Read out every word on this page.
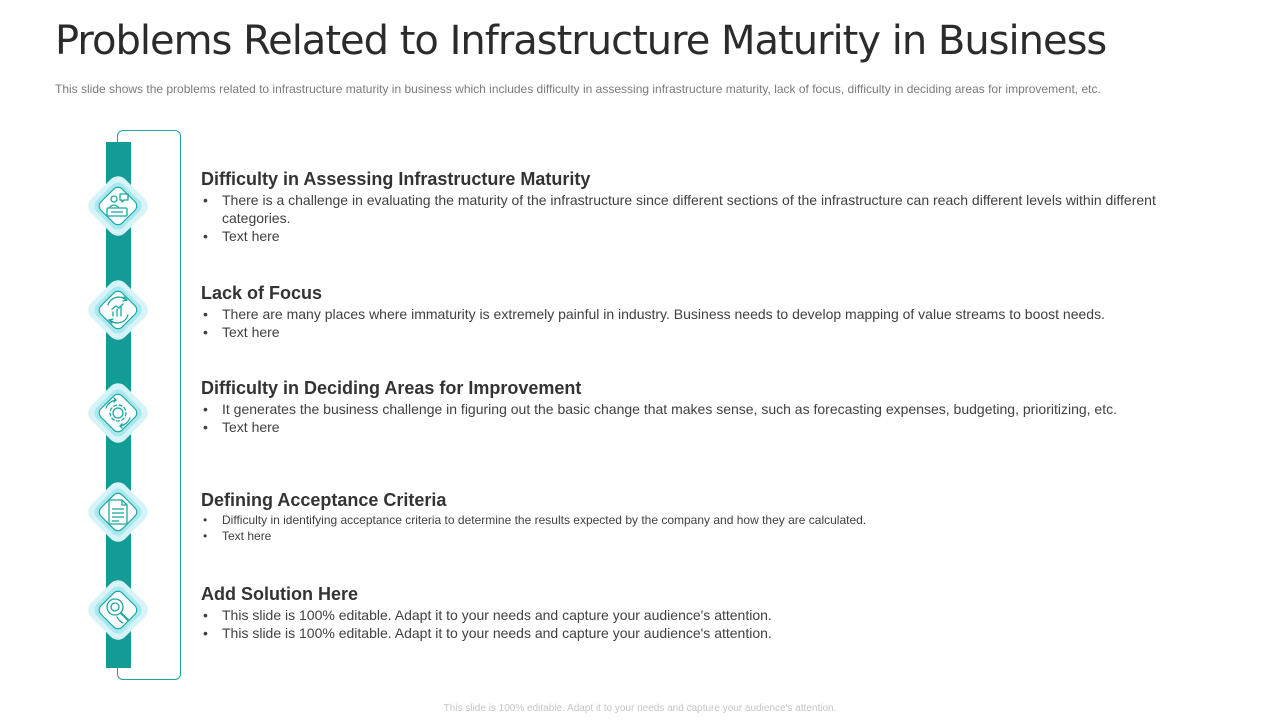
Problems Related to Infrastructure Maturity in Business
This slide shows the problems related to infrastructure maturity in business which includes difficulty in assessing infrastructure maturity, lack of focus, difficulty in deciding areas for improvement, etc.
Difficulty in Assessing Infrastructure Maturity
• There is a challenge in evaluating the maturity of the infrastructure since different sections of the infrastructure can reach different levels within different categories.
• Text here
Lack of Focus
• There are many places where immaturity is extremely painful in industry. Business needs to develop mapping of value streams to boost needs.
• Text here
Difficulty in Deciding Areas for Improvement
• It generates the business challenge in figuring out the basic change that makes sense, such as forecasting expenses, budgeting, prioritizing, etc.
• Text here
Defining Acceptance Criteria
• Difficulty in identifying acceptance criteria to determine the results expected by the company and how they are calculated.
• Text here
Add Solution Here
• This slide is 100% editable. Adapt it to your needs and capture your audience's attention.
• This slide is 100% editable. Adapt it to your needs and capture your audience's attention.
This slide is 100% editable. Adapt it to your needs and capture your audience's attention.
